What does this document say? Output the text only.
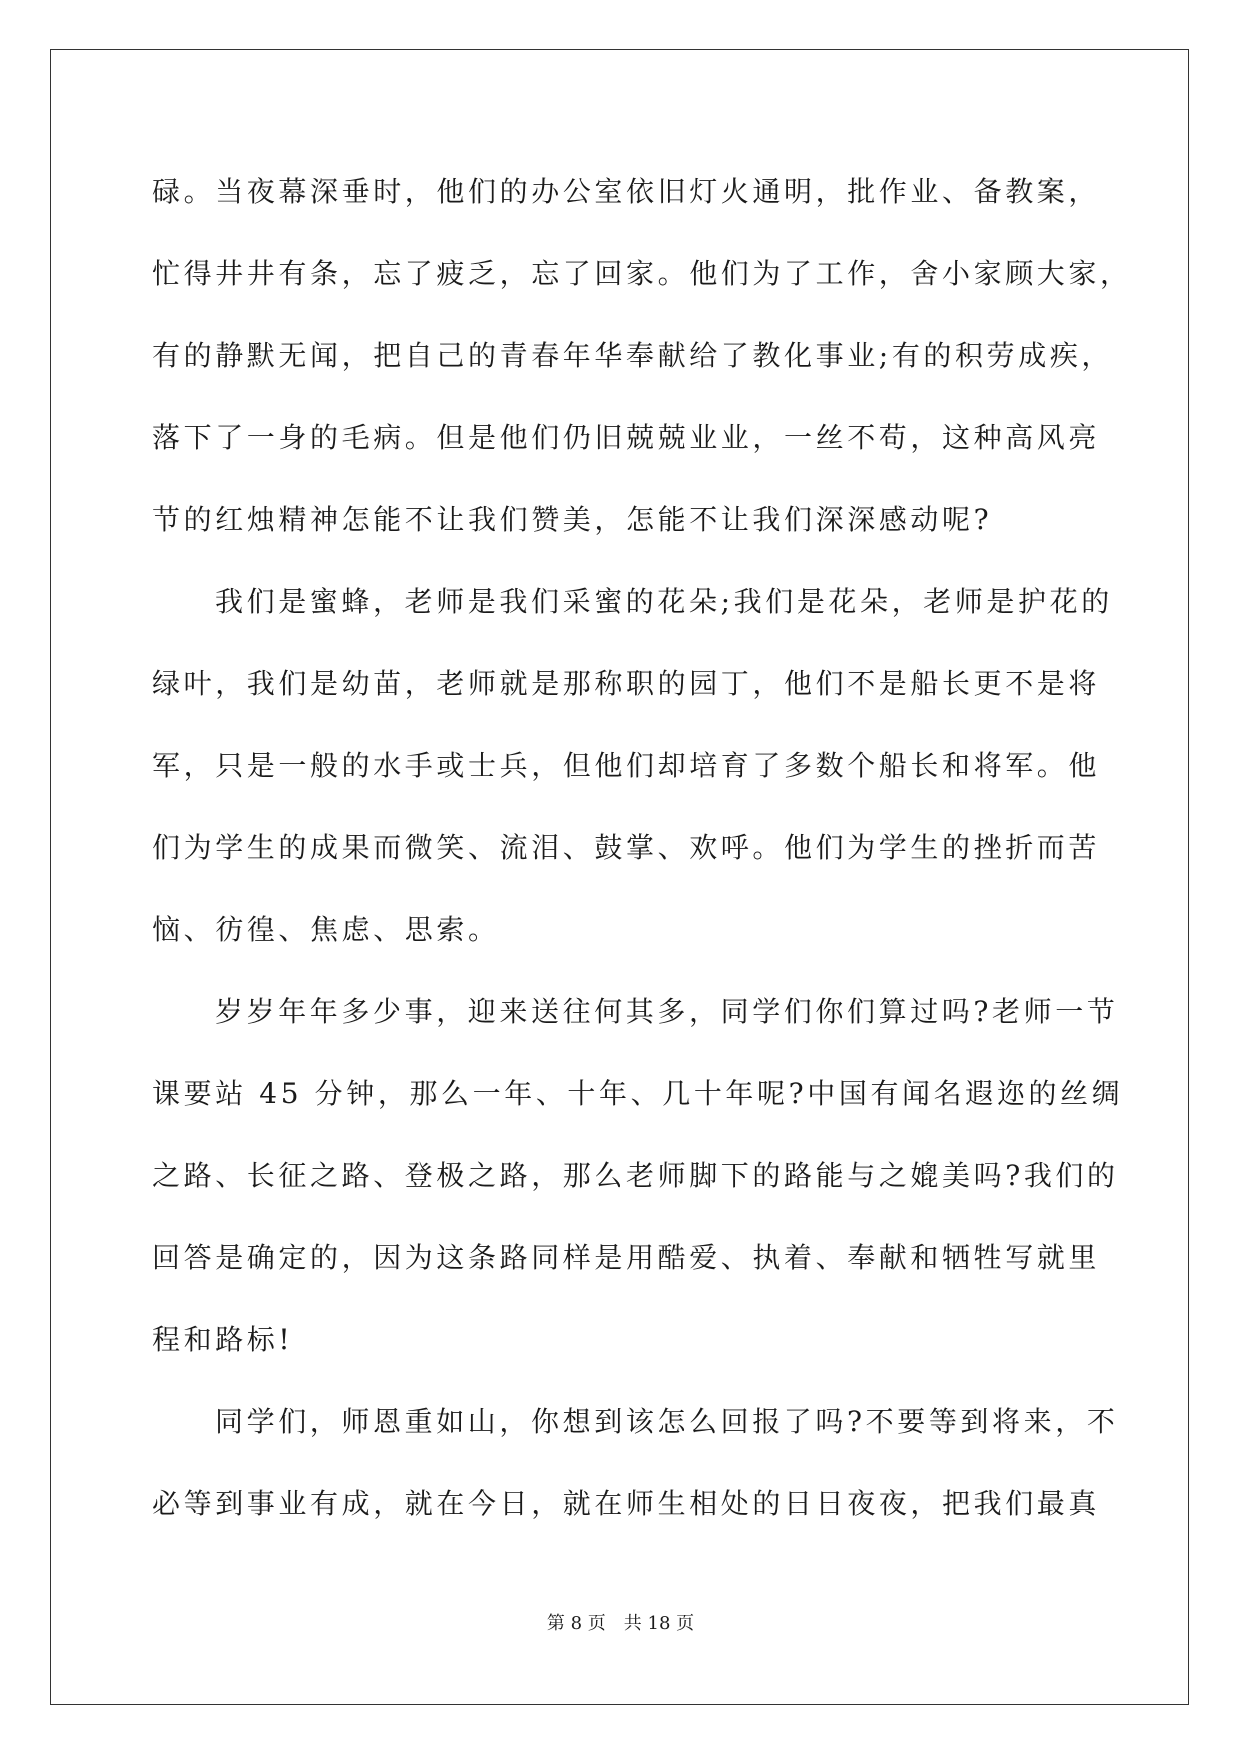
碌。当夜幕深垂时，他们的办公室依旧灯火通明，批作业、备教案，
忙得井井有条，忘了疲乏，忘了回家。他们为了工作，舍小家顾大家，
有的静默无闻，把自己的青春年华奉献给了教化事业;有的积劳成疾，
落下了一身的毛病。但是他们仍旧兢兢业业，一丝不苟，这种高风亮
节的红烛精神怎能不让我们赞美，怎能不让我们深深感动呢?
我们是蜜蜂，老师是我们采蜜的花朵;我们是花朵，老师是护花的
绿叶，我们是幼苗，老师就是那称职的园丁，他们不是船长更不是将
军，只是一般的水手或士兵，但他们却培育了多数个船长和将军。他
们为学生的成果而微笑、流泪、鼓掌、欢呼。他们为学生的挫折而苦
恼、彷徨、焦虑、思索。
岁岁年年多少事，迎来送往何其多，同学们你们算过吗?老师一节
课要站 45 分钟，那么一年、十年、几十年呢?中国有闻名遐迩的丝绸
之路、长征之路、登极之路，那么老师脚下的路能与之媲美吗?我们的
回答是确定的，因为这条路同样是用酷爱、执着、奉献和牺牲写就里
程和路标!
同学们，师恩重如山，你想到该怎么回报了吗?不要等到将来，不
必等到事业有成，就在今日，就在师生相处的日日夜夜，把我们最真
第 8 页　共 18 页
